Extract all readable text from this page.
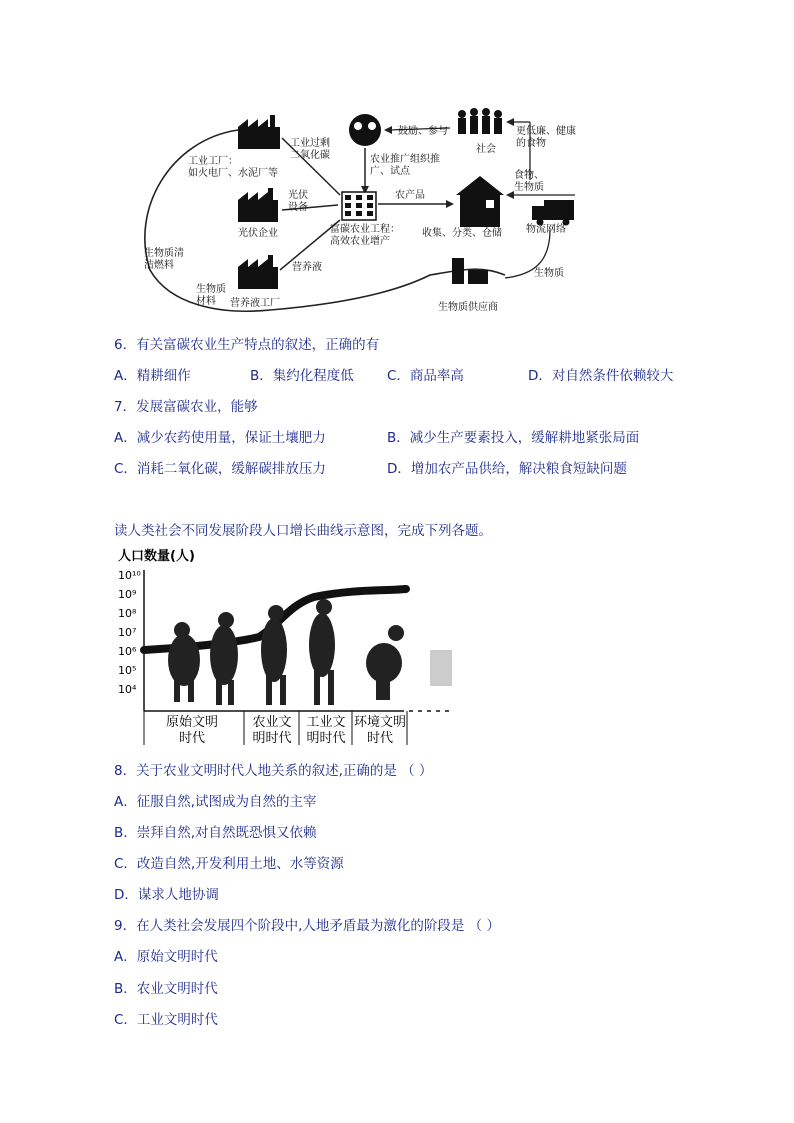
工业工厂：
如火电厂、水泥厂等
工业过剩二氧化碳
光伏设备
光伏企业
生物质清洁燃料	营养液
生物质材料	营养液工厂
鼓励、参与
社会
更低廉、健康的食物
农业推广组织推广、试点
农产品
富碳农业工程：高效农业增产
收集、分类、仓储
食物、生物质
物流网络
生物质
生物质供应商
6．有关富碳农业生产特点的叙述，正确的有
A．精耕细作	B．集约化程度低 C．商品率高	D．对自然条件依赖较大
7．发展富碳农业，能够
A．减少农药使用量，保证土壤肥力	B．减少生产要素投入，缓解耕地紧张局面
C．消耗二氧化碳，缓解碳排放压力	D．增加农产品供给，解决粮食短缺问题
读人类社会不同发展阶段人口增长曲线示意图，完成下列各题。
人口数量(人)
10¹⁰
10⁹
10⁸
10⁷
10⁶
10⁵
10⁴
原始文明时代
农业文明时代
工业文明时代
环境文明时代
8．关于农业文明时代人地关系的叙述,正确的是 （ ）
A．征服自然,试图成为自然的主宰
B．崇拜自然,对自然既恐惧又依赖
C．改造自然,开发利用土地、水等资源
D．谋求人地协调
9．在人类社会发展四个阶段中,人地矛盾最为激化的阶段是 （ ）
A．原始文明时代
B．农业文明时代
C．工业文明时代
